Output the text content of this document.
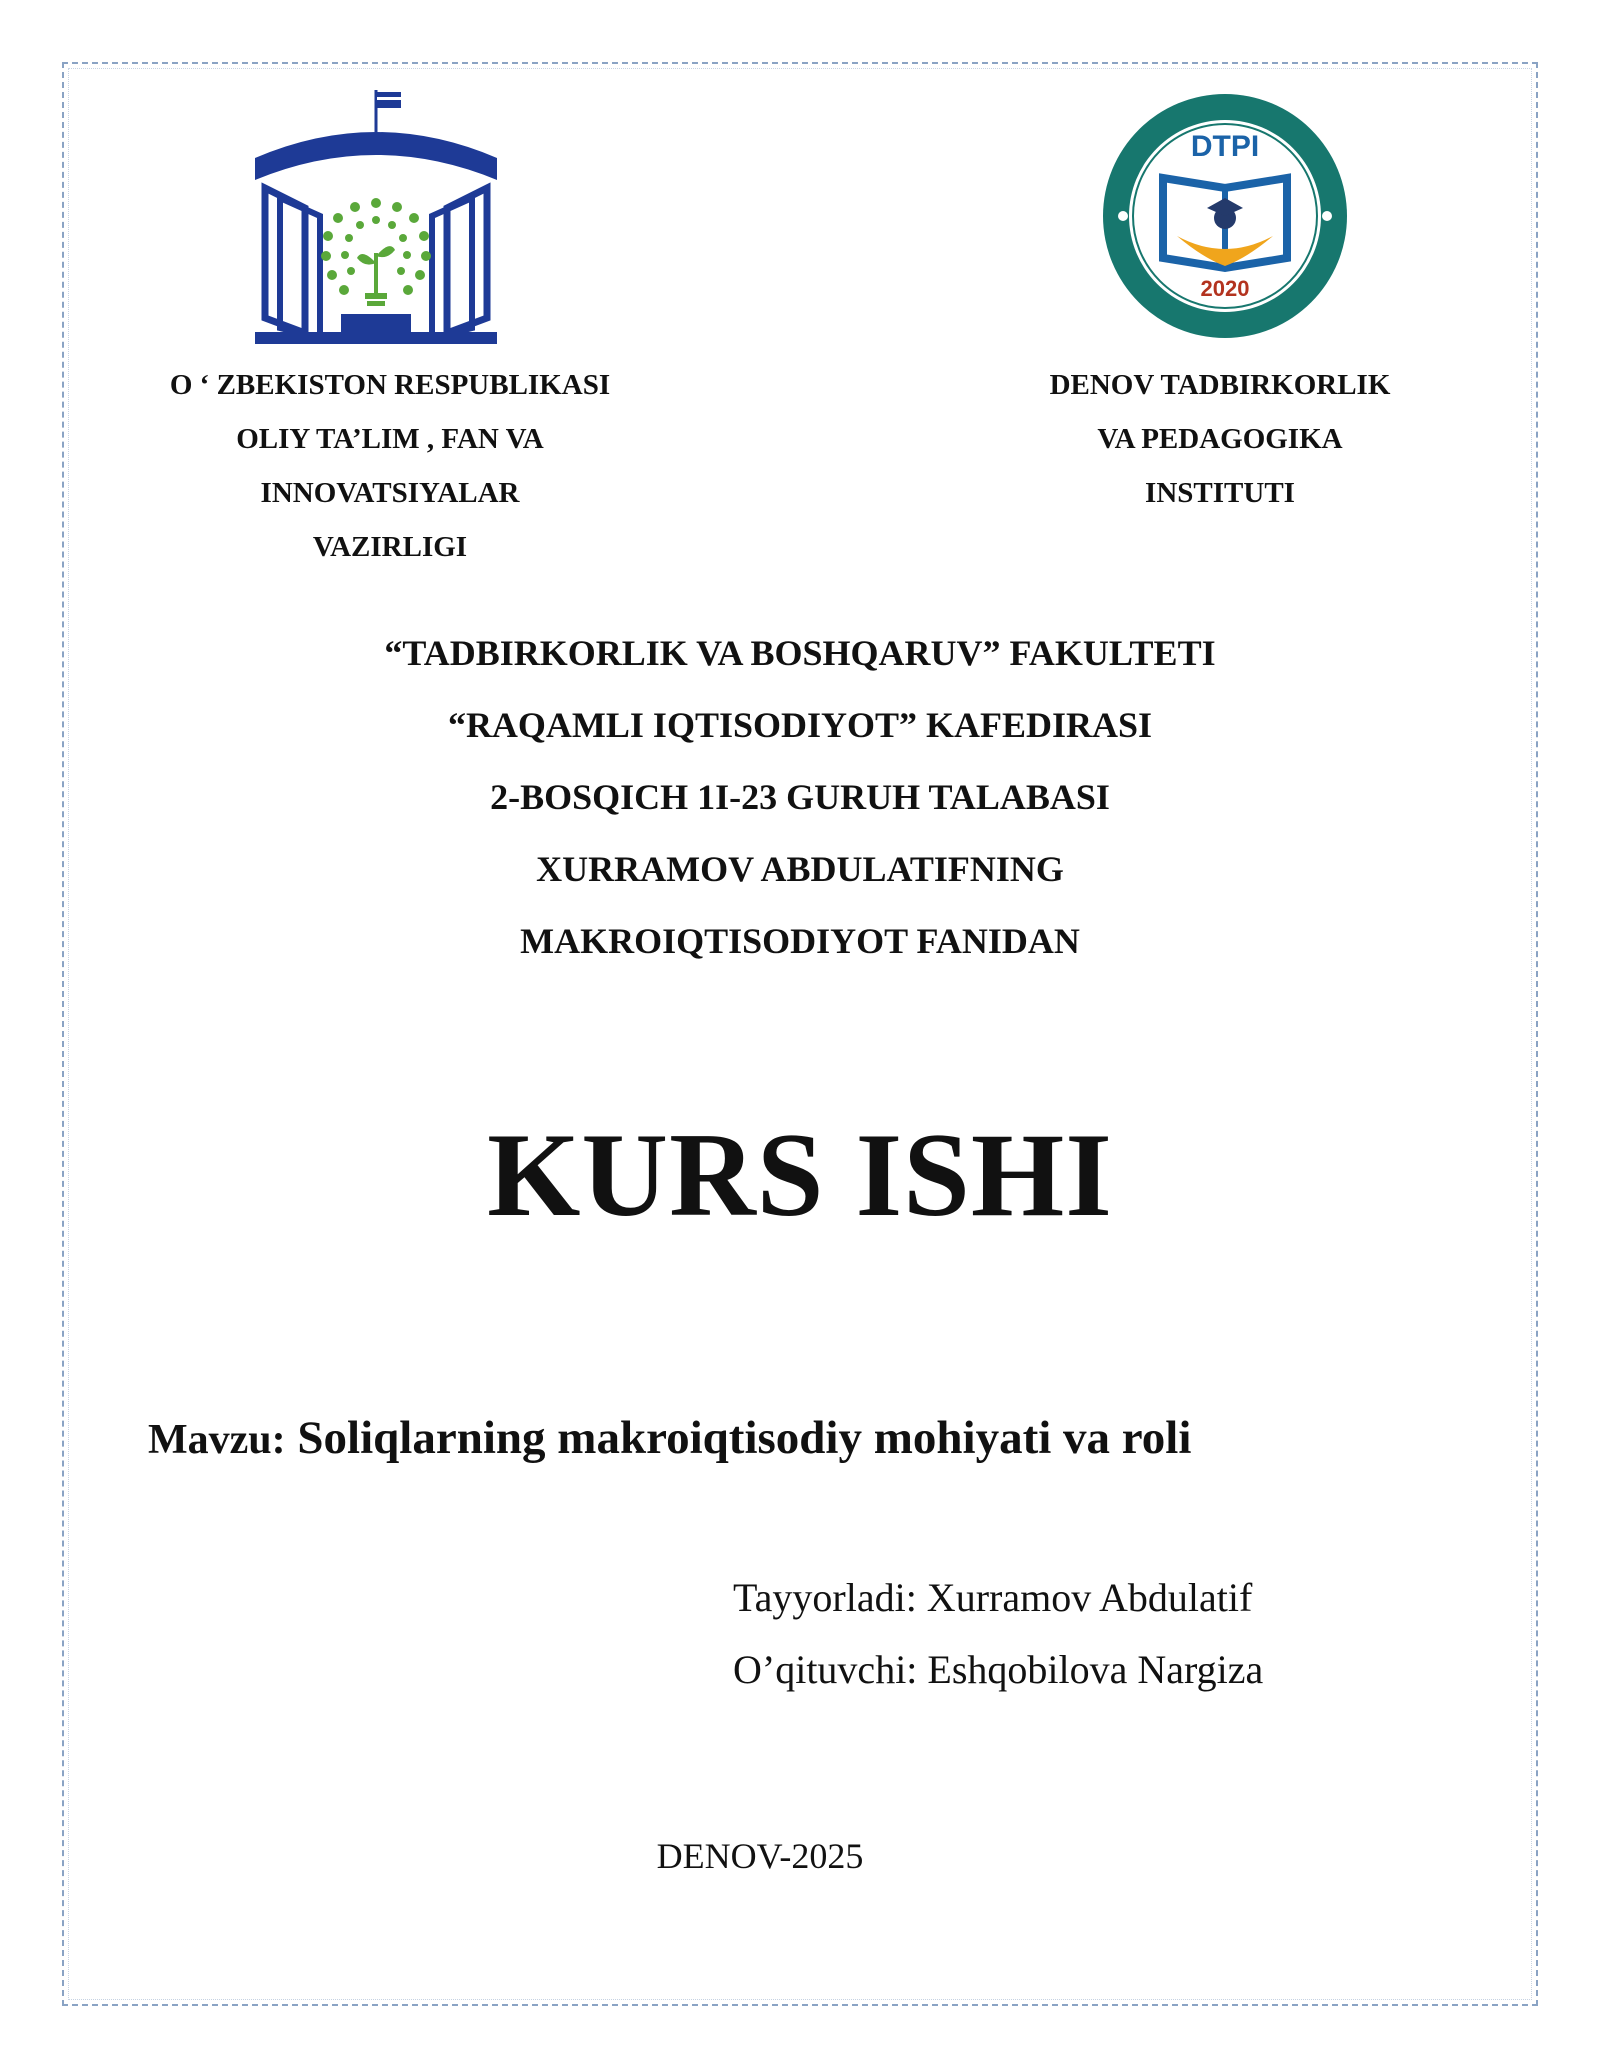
DTPI
2020
O ‘ ZBEKISTON RESPUBLIKASI
OLIY TA’LIM , FAN VA
INNOVATSIYALAR
VAZIRLIGI
DENOV TADBIRKORLIK
VA PEDAGOGIKA
INSTITUTI
“TADBIRKORLIK VA BOSHQARUV” FAKULTETI
“RAQAMLI IQTISODIYOT” KAFEDIRASI
2-BOSQICH 1I-23 GURUH TALABASI
XURRAMOV ABDULATIFNING
MAKROIQTISODIYOT FANIDAN
KURS ISHI
Mavzu: Soliqlarning makroiqtisodiy mohiyati va roli
Tayyorladi: Xurramov Abdulatif
O’qituvchi: Eshqobilova Nargiza
DENOV-2025
